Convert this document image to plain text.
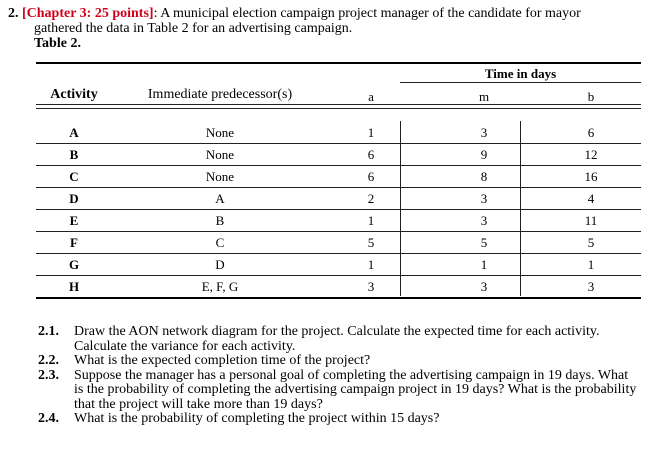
2. [Chapter 3: 25 points]: A municipal election campaign project manager of the candidate for mayor
gathered the data in Table 2 for an advertising campaign.
Table 2.
Time in days
Activity	Immediate predecessor(s)	a	m	b
A	None	1	3	6
B	None	6	9	12
C	None	6	8	16
D	A	2	3	4
E	B	1	3	11
F	C	5	5	5
G	D	1	1	1
H	E, F, G	3	3	3
2.1.	Draw the AON network diagram for the project. Calculate the expected time for each activity. Calculate the variance for each activity.
2.2.	What is the expected completion time of the project?
2.3.	Suppose the manager has a personal goal of completing the advertising campaign in 19 days. What is the probability of completing the advertising campaign project in 19 days? What is the probability that the project will take more than 19 days?
2.4.	What is the probability of completing the project within 15 days?
